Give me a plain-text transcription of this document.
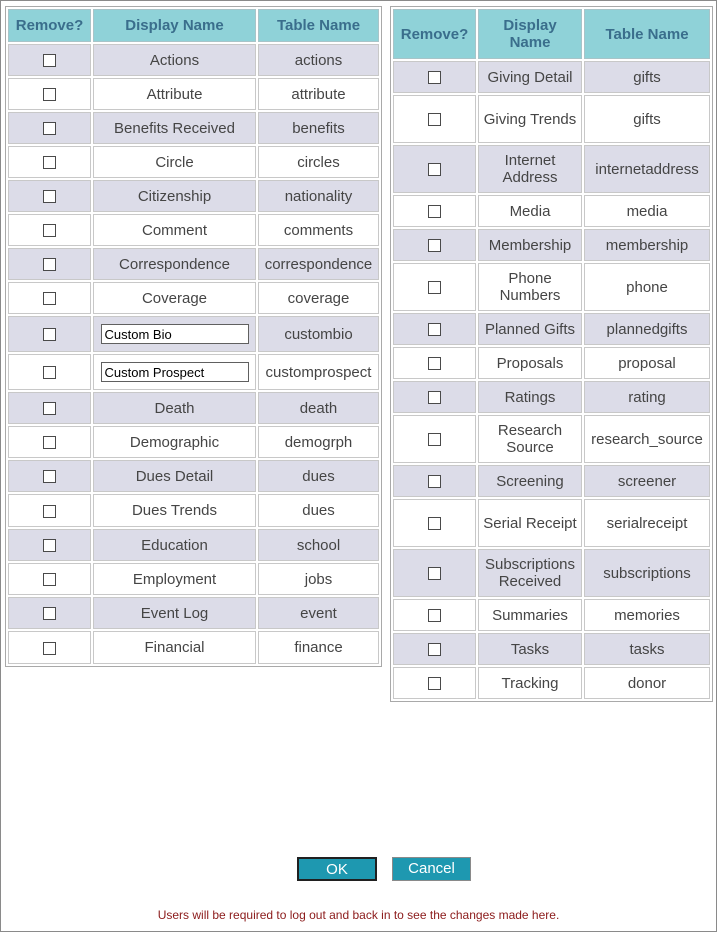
Remove?	Display Name	Table Name
	Actions	actions
	Attribute	attribute
	Benefits Received	benefits
	Circle	circles
	Citizenship	nationality
	Comment	comments
	Correspondence	correspondence
	Coverage	coverage
	Custom Bio	custombio
	Custom Prospect	customprospect
	Death	death
	Demographic	demogrph
	Dues Detail	dues
	Dues Trends	dues
	Education	school
	Employment	jobs
	Event Log	event
	Financial	finance
Remove?	Display Name	Table Name
	Giving Detail	gifts
	Giving Trends	gifts
	Internet Address	internetaddress
	Media	media
	Membership	membership
	Phone Numbers	phone
	Planned Gifts	plannedgifts
	Proposals	proposal
	Ratings	rating
	Research Source	research_source
	Screening	screener
	Serial Receipt	serialreceipt
	Subscriptions Received	subscriptions
	Summaries	memories
	Tasks	tasks
	Tracking	donor
OK	Cancel
Users will be required to log out and back in to see the changes made here.
